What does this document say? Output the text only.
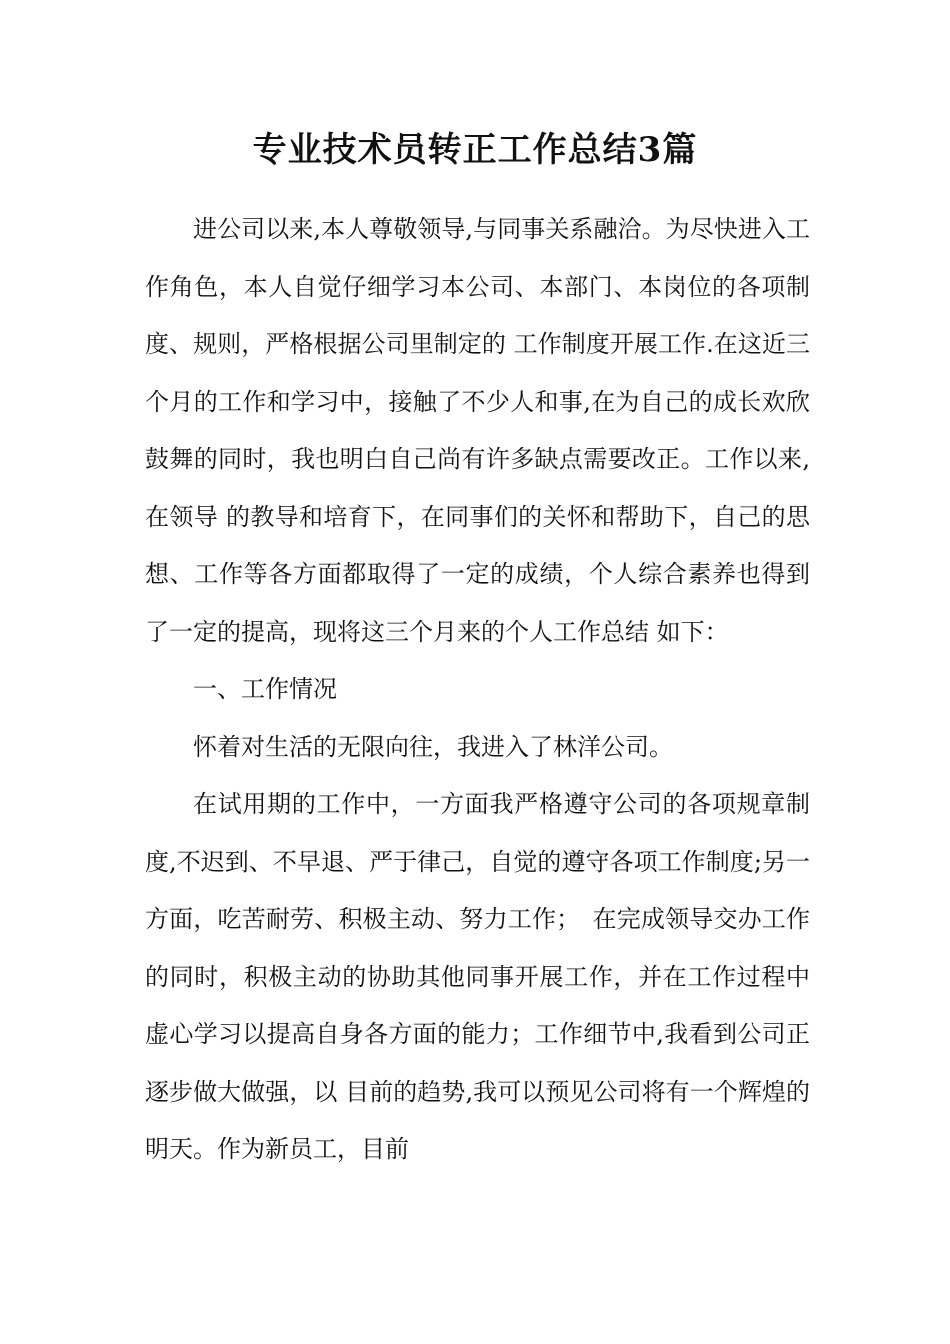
专业技术员转正工作总结3篇

进公司以来,本人尊敬领导,与同事关系融洽。为尽快进入工作角色，本人自觉仔细学习本公司、本部门、本岗位的各项制度、规则，严格根据公司里制定的 工作制度开展工作.在这近三个月的工作和学习中，接触了不少人和事,在为自己的成长欢欣鼓舞的同时，我也明白自己尚有许多缺点需要改正。工作以来,在领导 的教导和培育下，在同事们的关怀和帮助下，自己的思想、工作等各方面都取得了一定的成绩，个人综合素养也得到了一定的提高，现将这三个月来的个人工作总结 如下：

一、工作情况

怀着对生活的无限向往，我进入了林洋公司。

在试用期的工作中，一方面我严格遵守公司的各项规章制度,不迟到、不早退、严于律己，自觉的遵守各项工作制度;另一方面，吃苦耐劳、积极主动、努力工作；　在完成领导交办工作的同时，积极主动的协助其他同事开展工作，并在工作过程中虚心学习以提高自身各方面的能力；工作细节中,我看到公司正逐步做大做强，以 目前的趋势,我可以预见公司将有一个辉煌的明天。作为新员工，目前
